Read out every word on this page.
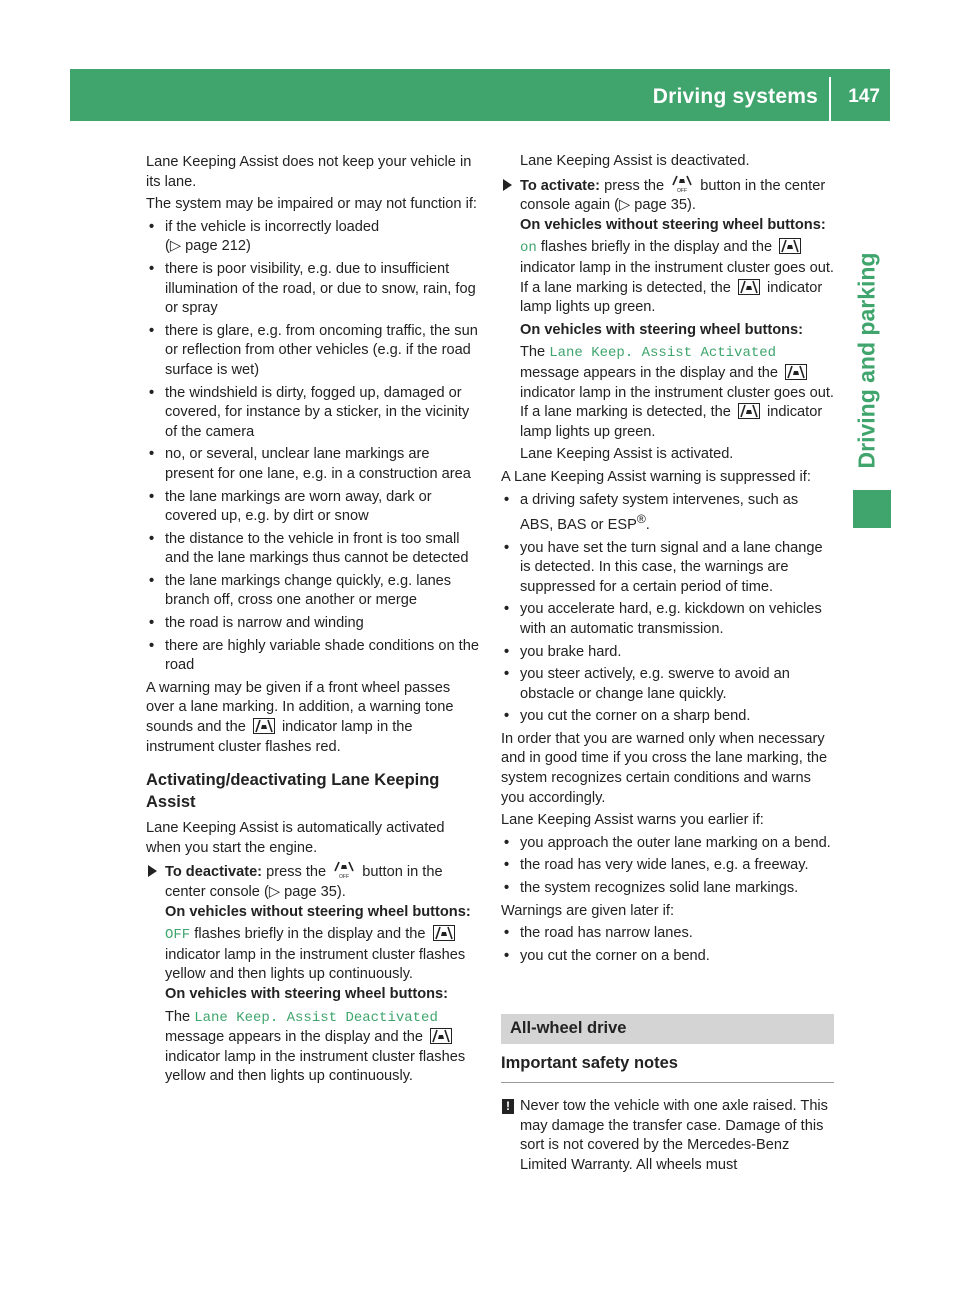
Driving systems 147
Driving and parking

Lane Keeping Assist does not keep your vehicle in its lane.

The system may be impaired or may not function if:

• if the vehicle is incorrectly loaded
(▷ page 212)
• there is poor visibility, e.g. due to insufficient illumination of the road, or due to snow, rain, fog or spray
• there is glare, e.g. from oncoming traffic, the sun or reflection from other vehicles (e.g. if the road surface is wet)
• the windshield is dirty, fogged up, damaged or covered, for instance by a sticker, in the vicinity of the camera
• no, or several, unclear lane markings are present for one lane, e.g. in a construction area
• the lane markings are worn away, dark or covered up, e.g. by dirt or snow
• the distance to the vehicle in front is too small and the lane markings thus cannot be detected
• the lane markings change quickly, e.g. lanes branch off, cross one another or merge
• the road is narrow and winding
• there are highly variable shade conditions on the road

A warning may be given if a front wheel passes over a lane marking. In addition, a warning tone sounds and the indicator lamp in the instrument cluster flashes red.

Activating/deactivating Lane Keeping Assist

Lane Keeping Assist is automatically activated when you start the engine.

To deactivate: press the button in the center console (▷ page 35).
On vehicles without steering wheel buttons:
OFF flashes briefly in the display and the  indicator lamp in the instrument cluster flashes yellow and then lights up continuously.
On vehicles with steering wheel buttons:
The Lane Keep. Assist Deactivated message appears in the display and the  indicator lamp in the instrument cluster flashes yellow and then lights up continuously.
Lane Keeping Assist is deactivated.
To activate: press the button in the center console again (▷ page 35).
On vehicles without steering wheel buttons:
on flashes briefly in the display and the  indicator lamp in the instrument cluster goes out. If a lane marking is detected, the indicator lamp lights up green.
On vehicles with steering wheel buttons:
The Lane Keep. Assist Activated message appears in the display and the  indicator lamp in the instrument cluster goes out. If a lane marking is detected, the indicator lamp lights up green.
Lane Keeping Assist is activated.

A Lane Keeping Assist warning is suppressed if:

• a driving safety system intervenes, such as ABS, BAS or ESP®.
• you have set the turn signal and a lane change is detected. In this case, the warnings are suppressed for a certain period of time.
• you accelerate hard, e.g. kickdown on vehicles with an automatic transmission.
• you brake hard.
• you steer actively, e.g. swerve to avoid an obstacle or change lane quickly.
• you cut the corner on a sharp bend.

In order that you are warned only when necessary and in good time if you cross the lane marking, the system recognizes certain conditions and warns you accordingly.

Lane Keeping Assist warns you earlier if:

• you approach the outer lane marking on a bend.
• the road has very wide lanes, e.g. a freeway.
• the system recognizes solid lane markings.

Warnings are given later if:

• the road has narrow lanes.
• you cut the corner on a bend.
All-wheel drive
Important safety notes
! Never tow the vehicle with one axle raised. This may damage the transfer case. Damage of this sort is not covered by the Mercedes-Benz Limited Warranty. All wheels must
